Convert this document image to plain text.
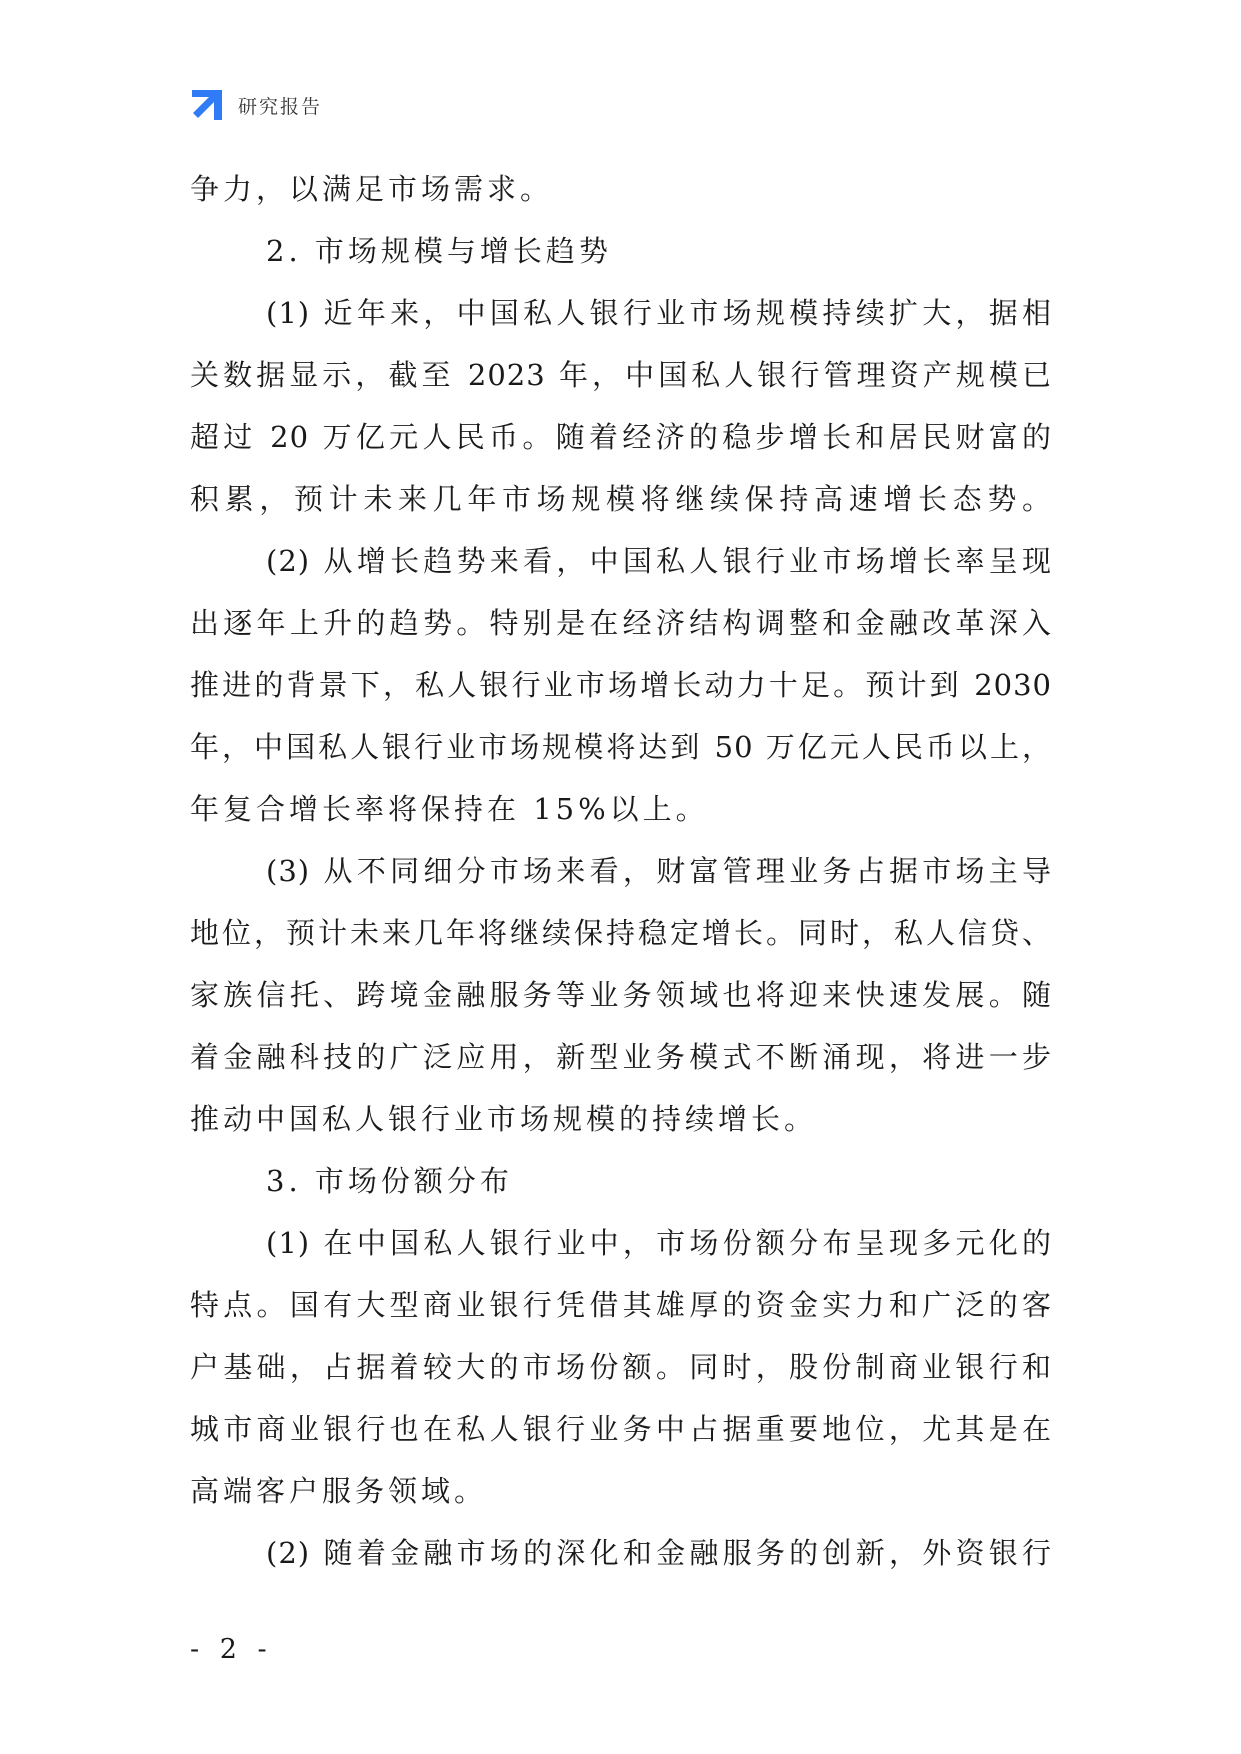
研究报告
争力，以满足市场需求。
2. 市场规模与增长趋势
(1) 近年来，中国私人银行业市场规模持续扩大，据相
关数据显示，截至 2023 年，中国私人银行管理资产规模已
超过 20 万亿元人民币。随着经济的稳步增长和居民财富的
积累，预计未来几年市场规模将继续保持高速增长态势。
(2) 从增长趋势来看，中国私人银行业市场增长率呈现
出逐年上升的趋势。特别是在经济结构调整和金融改革深入
推进的背景下，私人银行业市场增长动力十足。预计到 2030
年，中国私人银行业市场规模将达到 50 万亿元人民币以上，
年复合增长率将保持在 15%以上。
(3) 从不同细分市场来看，财富管理业务占据市场主导
地位，预计未来几年将继续保持稳定增长。同时，私人信贷、
家族信托、跨境金融服务等业务领域也将迎来快速发展。随
着金融科技的广泛应用，新型业务模式不断涌现，将进一步
推动中国私人银行业市场规模的持续增长。
3. 市场份额分布
(1) 在中国私人银行业中，市场份额分布呈现多元化的
特点。国有大型商业银行凭借其雄厚的资金实力和广泛的客
户基础，占据着较大的市场份额。同时，股份制商业银行和
城市商业银行也在私人银行业务中占据重要地位，尤其是在
高端客户服务领域。
(2) 随着金融市场的深化和金融服务的创新，外资银行
- 2 -
